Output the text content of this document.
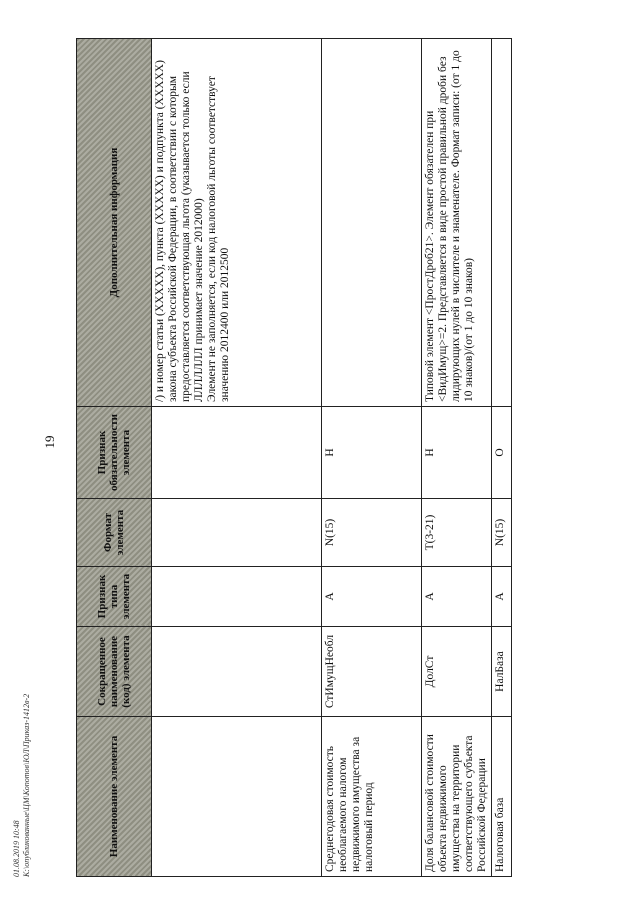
19
01.08.2019 10:48 К:\опубликованные\ЦМ\Копотов\ЮЛ\Приказ-1412в-2	Наименование элемента	Сокращенное наименование (код) элемента	Признак типа элемента	Формат элемента	Признак обязательности элемента	Дополнительная информация

					/) и номер статьи (XXXXX), пункта (XXXXX) и подпункта (XXXXX) закона субъекта Российской Федерации, в соответствии с которым предоставляется соответствующая льгота (указывается только если ЛЛЛЛЛЛЛ принимает значение 2012000) Элемент не заполняется, если код налоговой льготы соответствует значению 2012400 или 2012500

Среднегодовая стоимость необлагаемого налогом недвижимого имущества за налоговый период	СтИмущНеобл	А	N(15)	Н	
Доля балансовой стоимости объекта недвижимого имущества на территории соответствующего субъекта Российской Федерации	ДолСт	А	T(3-21)	Н	Типовой элемент <ПростДроб21>. Элемент обязателен при <ВидИмущ>=2. Представляется в виде простой правильной дроби без лидирующих нулей в числителе и знаменателе. Формат записи: (от 1 до 10 знаков)/(от 1 до 10 знаков)
Налоговая база	НалБаза	А	N(15)	О	
